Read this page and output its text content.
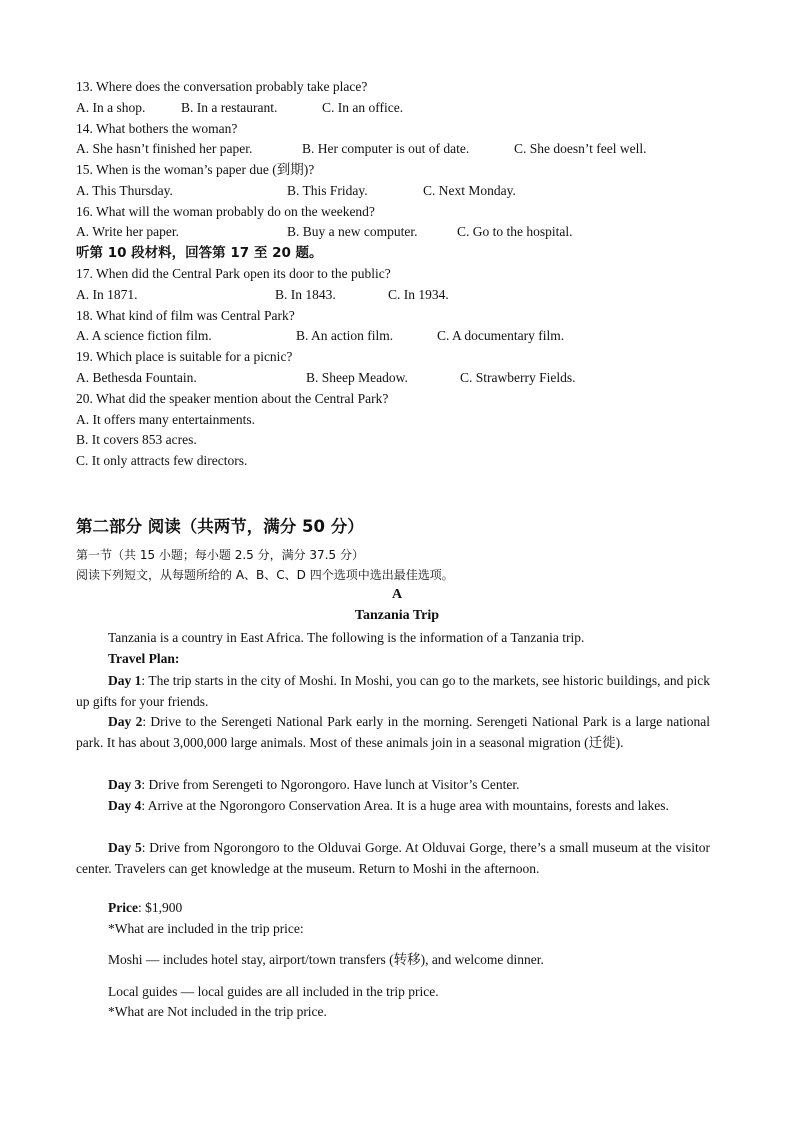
13. Where does the conversation probably take place?
A. In a shop.	B. In a restaurant.	C. In an office.
14. What bothers the woman?
A. She hasn’t finished her paper.	B. Her computer is out of date.	C. She doesn’t feel well.
15. When is the woman’s paper due (到期)?
A. This Thursday.	B. This Friday.	C. Next Monday.
16. What will the woman probably do on the weekend?
A. Write her paper.	B. Buy a new computer.	C. Go to the hospital.
听第 10 段材料，回答第 17 至 20 题。
17. When did the Central Park open its door to the public?
A. In 1871.	B. In 1843.	C. In 1934.
18. What kind of film was Central Park?
A. A science fiction film.	B. An action film.	C. A documentary film.
19. Which place is suitable for a picnic?
A. Bethesda Fountain.	B. Sheep Meadow.	C. Strawberry Fields.
20. What did the speaker mention about the Central Park?
A. It offers many entertainments.
B. It covers 853 acres.
C. It only attracts few directors.
第二部分 阅读（共两节，满分 50 分）
第一节（共 15 小题；每小题 2.5 分，满分 37.5 分）
阅读下列短文，从每题所给的 A、B、C、D 四个选项中选出最佳选项。
A
Tanzania Trip
Tanzania is a country in East Africa. The following is the information of a Tanzania trip.
Travel Plan:
Day 1: The trip starts in the city of Moshi. In Moshi, you can go to the markets, see historic buildings, and pick up gifts for your friends.
Day 2: Drive to the Serengeti National Park early in the morning. Serengeti National Park is a large national park. It has about 3,000,000 large animals. Most of these animals join in a seasonal migration (迁徙).
Day 3: Drive from Serengeti to Ngorongoro. Have lunch at Visitor’s Center.
Day 4: Arrive at the Ngorongoro Conservation Area. It is a huge area with mountains, forests and lakes.
Day 5: Drive from Ngorongoro to the Olduvai Gorge. At Olduvai Gorge, there’s a small museum at the visitor center. Travelers can get knowledge at the museum. Return to Moshi in the afternoon.
Price: $1,900
*What are included in the trip price:
Moshi — includes hotel stay, airport/town transfers (转移), and welcome dinner.
Local guides — local guides are all included in the trip price.
*What are Not included in the trip price.
